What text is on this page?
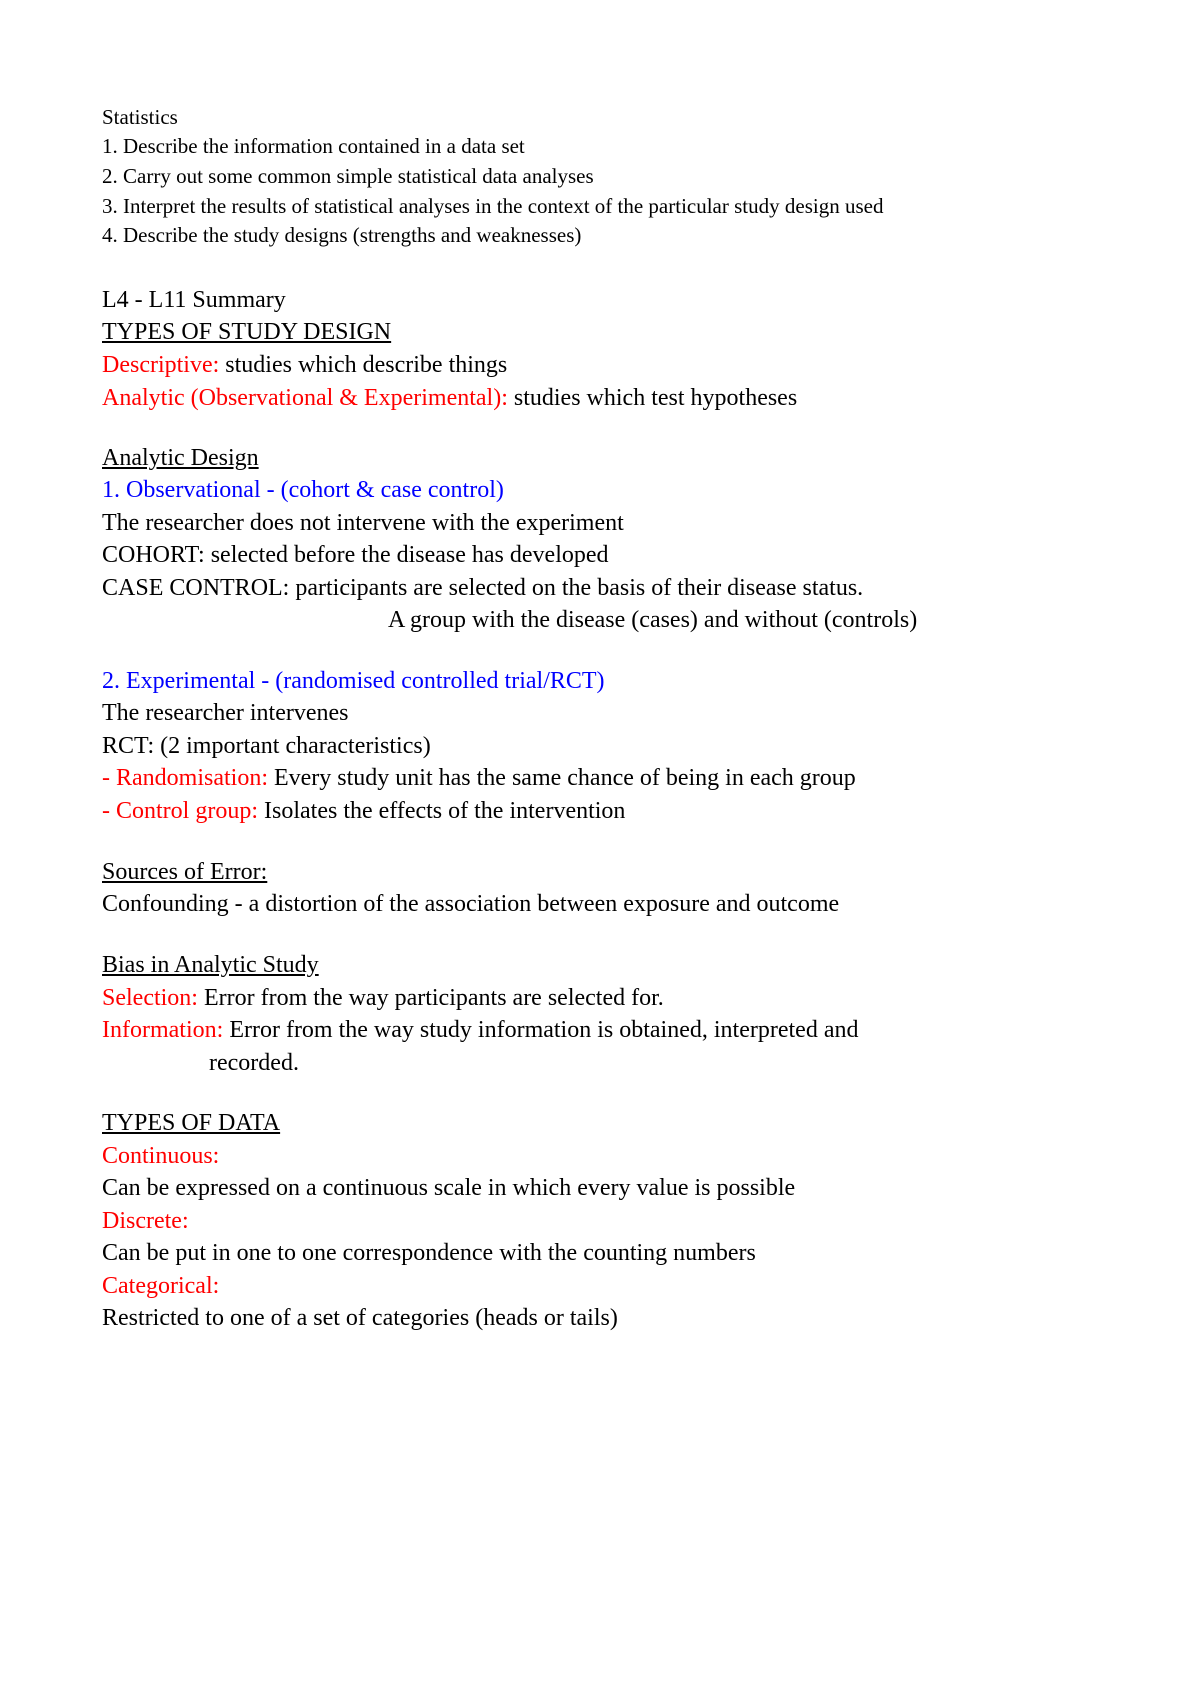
Statistics
1. Describe the information contained in a data set
2. Carry out some common simple statistical data analyses
3. Interpret the results of statistical analyses in the context of the particular study design used
4. Describe the study designs (strengths and weaknesses)
L4 - L11 Summary
TYPES OF STUDY DESIGN
Descriptive: studies which describe things
Analytic (Observational & Experimental): studies which test hypotheses
Analytic Design
1. Observational - (cohort & case control)
The researcher does not intervene with the experiment
COHORT: selected before the disease has developed
CASE CONTROL: participants are selected on the basis of their disease status.
A group with the disease (cases) and without (controls)
2. Experimental - (randomised controlled trial/RCT)
The researcher intervenes
RCT: (2 important characteristics)
- Randomisation: Every study unit has the same chance of being in each group
- Control group: Isolates the effects of the intervention
Sources of Error:
Confounding - a distortion of the association between exposure and outcome
Bias in Analytic Study
Selection: Error from the way participants are selected for.
Information: Error from the way study information is obtained, interpreted and
recorded.
TYPES OF DATA
Continuous:
Can be expressed on a continuous scale in which every value is possible
Discrete:
Can be put in one to one correspondence with the counting numbers
Categorical:
Restricted to one of a set of categories (heads or tails)
